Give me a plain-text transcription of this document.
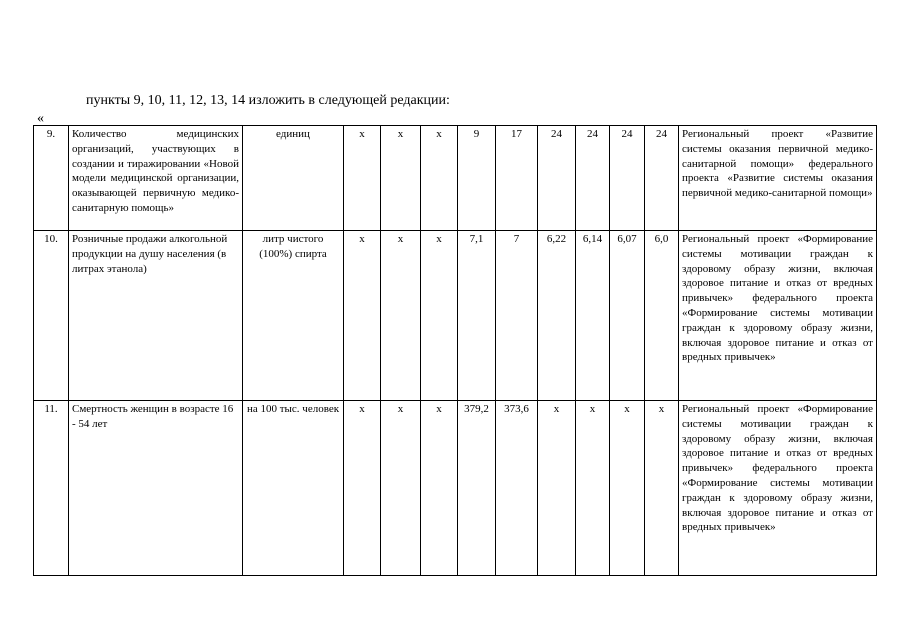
пункты 9, 10, 11, 12, 13, 14 изложить в следующей редакции:
«
9.	Количество медицинских организаций, участвующих в создании и тиражировании «Новой модели медицинской организации, оказывающей первичную медико-санитарную помощь»	единиц	х	х	х	9	17	24	24	24	24	Региональный проект «Развитие системы оказания первичной медико-санитарной помощи» федерального проекта «Развитие системы оказания первичной медико-санитарной помощи»
10.	Розничные продажи алкогольной продукции на душу населения (в литрах этанола)	литр чистого (100%) спирта	х	х	х	7,1	7	6,22	6,14	6,07	6,0	Региональный проект «Формирование системы мотивации граждан к здоровому образу жизни, включая здоровое питание и отказ от вредных привычек» федерального проекта «Формирование системы мотивации граждан к здоровому образу жизни, включая здоровое питание и отказ от вредных привычек»
11.	Смертность женщин в возрасте 16 - 54 лет	на 100 тыс. человек	х	х	х	379,2	373,6	х	х	х	х	Региональный проект «Формирование системы мотивации граждан к здоровому образу жизни, включая здоровое питание и отказ от вредных привычек» федерального проекта «Формирование системы мотивации граждан к здоровому образу жизни, включая здоровое питание и отказ от вредных привычек»
